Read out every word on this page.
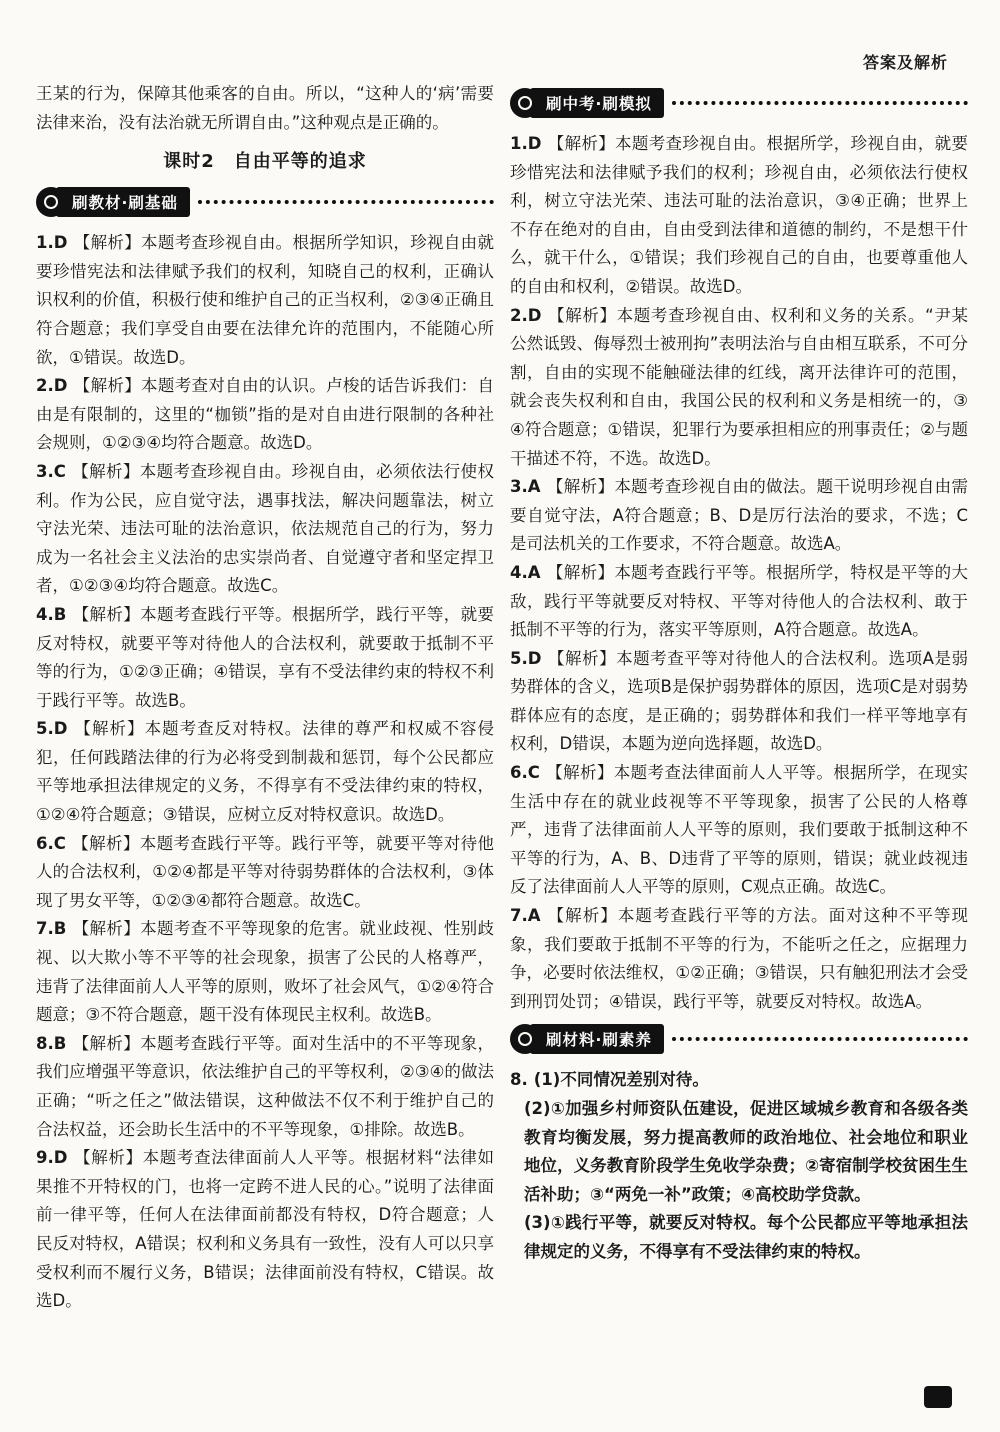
答案及解析

王某的行为，保障其他乘客的自由。所以，“这种人的‘病’需要法律来治，没有法治就无所谓自由。”这种观点是正确的。

课时2　自由平等的追求
刷教材·刷基础

1.D 【解析】本题考查珍视自由。根据所学知识，珍视自由就要珍惜宪法和法律赋予我们的权利，知晓自己的权利，正确认识权利的价值，积极行使和维护自己的正当权利，②③④正确且符合题意；我们享受自由要在法律允许的范围内，不能随心所欲，①错误。故选D。

2.D 【解析】本题考查对自由的认识。卢梭的话告诉我们：自由是有限制的，这里的“枷锁”指的是对自由进行限制的各种社会规则，①②③④均符合题意。故选D。

3.C 【解析】本题考查珍视自由。珍视自由，必须依法行使权利。作为公民，应自觉守法，遇事找法，解决问题靠法，树立守法光荣、违法可耻的法治意识，依法规范自己的行为，努力成为一名社会主义法治的忠实崇尚者、自觉遵守者和坚定捍卫者，①②③④均符合题意。故选C。

4.B 【解析】本题考查践行平等。根据所学，践行平等，就要反对特权，就要平等对待他人的合法权利，就要敢于抵制不平等的行为，①②③正确；④错误，享有不受法律约束的特权不利于践行平等。故选B。

5.D 【解析】本题考查反对特权。法律的尊严和权威不容侵犯，任何践踏法律的行为必将受到制裁和惩罚，每个公民都应平等地承担法律规定的义务，不得享有不受法律约束的特权，①②④符合题意；③错误，应树立反对特权意识。故选D。

6.C 【解析】本题考查践行平等。践行平等，就要平等对待他人的合法权利，①②④都是平等对待弱势群体的合法权利，③体现了男女平等，①②③④都符合题意。故选C。

7.B 【解析】本题考查不平等现象的危害。就业歧视、性别歧视、以大欺小等不平等的社会现象，损害了公民的人格尊严，违背了法律面前人人平等的原则，败坏了社会风气，①②④符合题意；③不符合题意，题干没有体现民主权利。故选B。

8.B 【解析】本题考查践行平等。面对生活中的不平等现象，我们应增强平等意识，依法维护自己的平等权利，②③④的做法正确；“听之任之”做法错误，这种做法不仅不利于维护自己的合法权益，还会助长生活中的不平等现象，①排除。故选B。

9.D 【解析】本题考查法律面前人人平等。根据材料“法律如果推不开特权的门，也将一定跨不进人民的心。”说明了法律面前一律平等，任何人在法律面前都没有特权，D符合题意；人民反对特权，A错误；权利和义务具有一致性，没有人可以只享受权利而不履行义务，B错误；法律面前没有特权，C错误。故选D。

刷中考·刷模拟

1.D 【解析】本题考查珍视自由。根据所学，珍视自由，就要珍惜宪法和法律赋予我们的权利；珍视自由，必须依法行使权利，树立守法光荣、违法可耻的法治意识，③④正确；世界上不存在绝对的自由，自由受到法律和道德的制约，不是想干什么，就干什么，①错误；我们珍视自己的自由，也要尊重他人的自由和权利，②错误。故选D。

2.D 【解析】本题考查珍视自由、权利和义务的关系。“尹某公然诋毁、侮辱烈士被刑拘”表明法治与自由相互联系，不可分割，自由的实现不能触碰法律的红线，离开法律许可的范围，就会丧失权利和自由，我国公民的权利和义务是相统一的，③④符合题意；①错误，犯罪行为要承担相应的刑事责任；②与题干描述不符，不选。故选D。

3.A 【解析】本题考查珍视自由的做法。题干说明珍视自由需要自觉守法，A符合题意；B、D是厉行法治的要求，不选；C是司法机关的工作要求，不符合题意。故选A。

4.A 【解析】本题考查践行平等。根据所学，特权是平等的大敌，践行平等就要反对特权、平等对待他人的合法权利、敢于抵制不平等的行为，落实平等原则，A符合题意。故选A。

5.D 【解析】本题考查平等对待他人的合法权利。选项A是弱势群体的含义，选项B是保护弱势群体的原因，选项C是对弱势群体应有的态度，是正确的；弱势群体和我们一样平等地享有权利，D错误，本题为逆向选择题，故选D。

6.C 【解析】本题考查法律面前人人平等。根据所学，在现实生活中存在的就业歧视等不平等现象，损害了公民的人格尊严，违背了法律面前人人平等的原则，我们要敢于抵制这种不平等的行为，A、B、D违背了平等的原则，错误；就业歧视违反了法律面前人人平等的原则，C观点正确。故选C。

7.A 【解析】本题考查践行平等的方法。面对这种不平等现象，我们要敢于抵制不平等的行为，不能听之任之，应据理力争，必要时依法维权，①②正确；③错误，只有触犯刑法才会受到刑罚处罚；④错误，践行平等，就要反对特权。故选A。

刷材料·刷素养

8. (1)不同情况差别对待。

(2)①加强乡村师资队伍建设，促进区域城乡教育和各级各类教育均衡发展，努力提高教师的政治地位、社会地位和职业地位，义务教育阶段学生免收学杂费；②寄宿制学校贫困生生活补助；③“两免一补”政策；④高校助学贷款。

(3)①践行平等，就要反对特权。每个公民都应平等地承担法律规定的义务，不得享有不受法律约束的特权。
